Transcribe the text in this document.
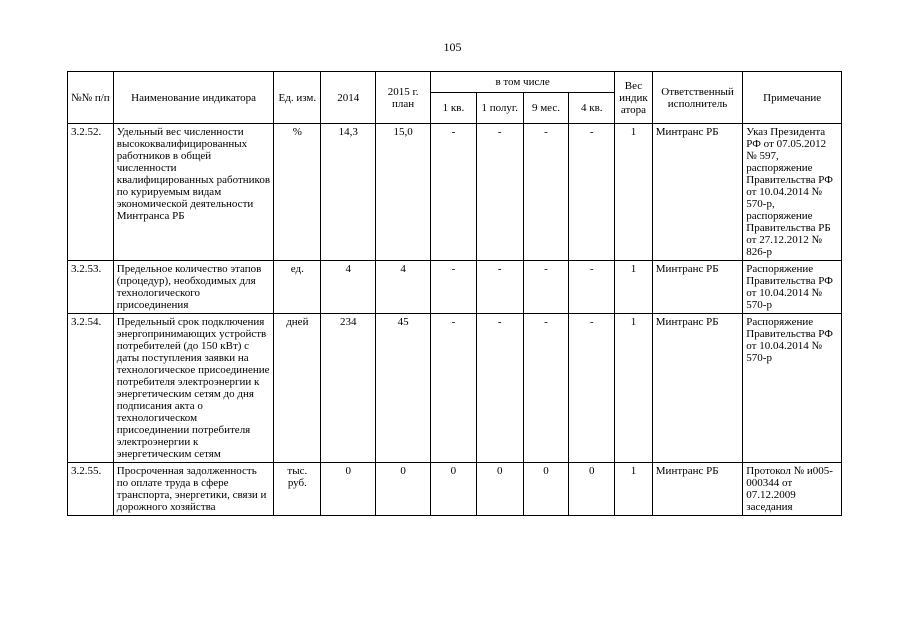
105
№№ п/п	Наименование индикатора	Ед. изм.	2014	2015 г. план	в том числе				Вес индик атора	Ответственный исполнитель	Примечание
					1 кв.	1 полуг.	9 мес.	4 кв.			
3.2.52.	Удельный вес численности высококвалифицированных работников в общей численности квалифицированных работников по курируемым видам экономической деятельности Минтранса РБ	%	14,3	15,0	-	-	-	-	1	Минтранс РБ	Указ Президента РФ от 07.05.2012 № 597, распоряжение Правительства РФ от 10.04.2014 № 570-р, распоряжение Правительства РБ от 27.12.2012 № 826-р
3.2.53.	Предельное количество этапов (процедур), необходимых для технологического присоединения	ед.	4	4	-	-	-	-	1	Минтранс РБ	Распоряжение Правительства РФ от 10.04.2014 № 570-р
3.2.54.	Предельный срок подключения энергопринимающих устройств потребителей (до 150 кВт) с даты поступления заявки на технологическое присоединение потребителя электроэнергии к энергетическим сетям до дня подписания акта о технологическом присоединении потребителя электроэнергии к энергетическим сетям	дней	234	45	-	-	-	-	1	Минтранс РБ	Распоряжение Правительства РФ от 10.04.2014 № 570-р
3.2.55.	Просроченная задолженность по оплате труда в сфере транспорта, энергетики, связи и дорожного хозяйства	тыс. руб.	0	0	0	0	0	0	1	Минтранс РБ	Протокол № и005-000344 от 07.12.2009 заседания
